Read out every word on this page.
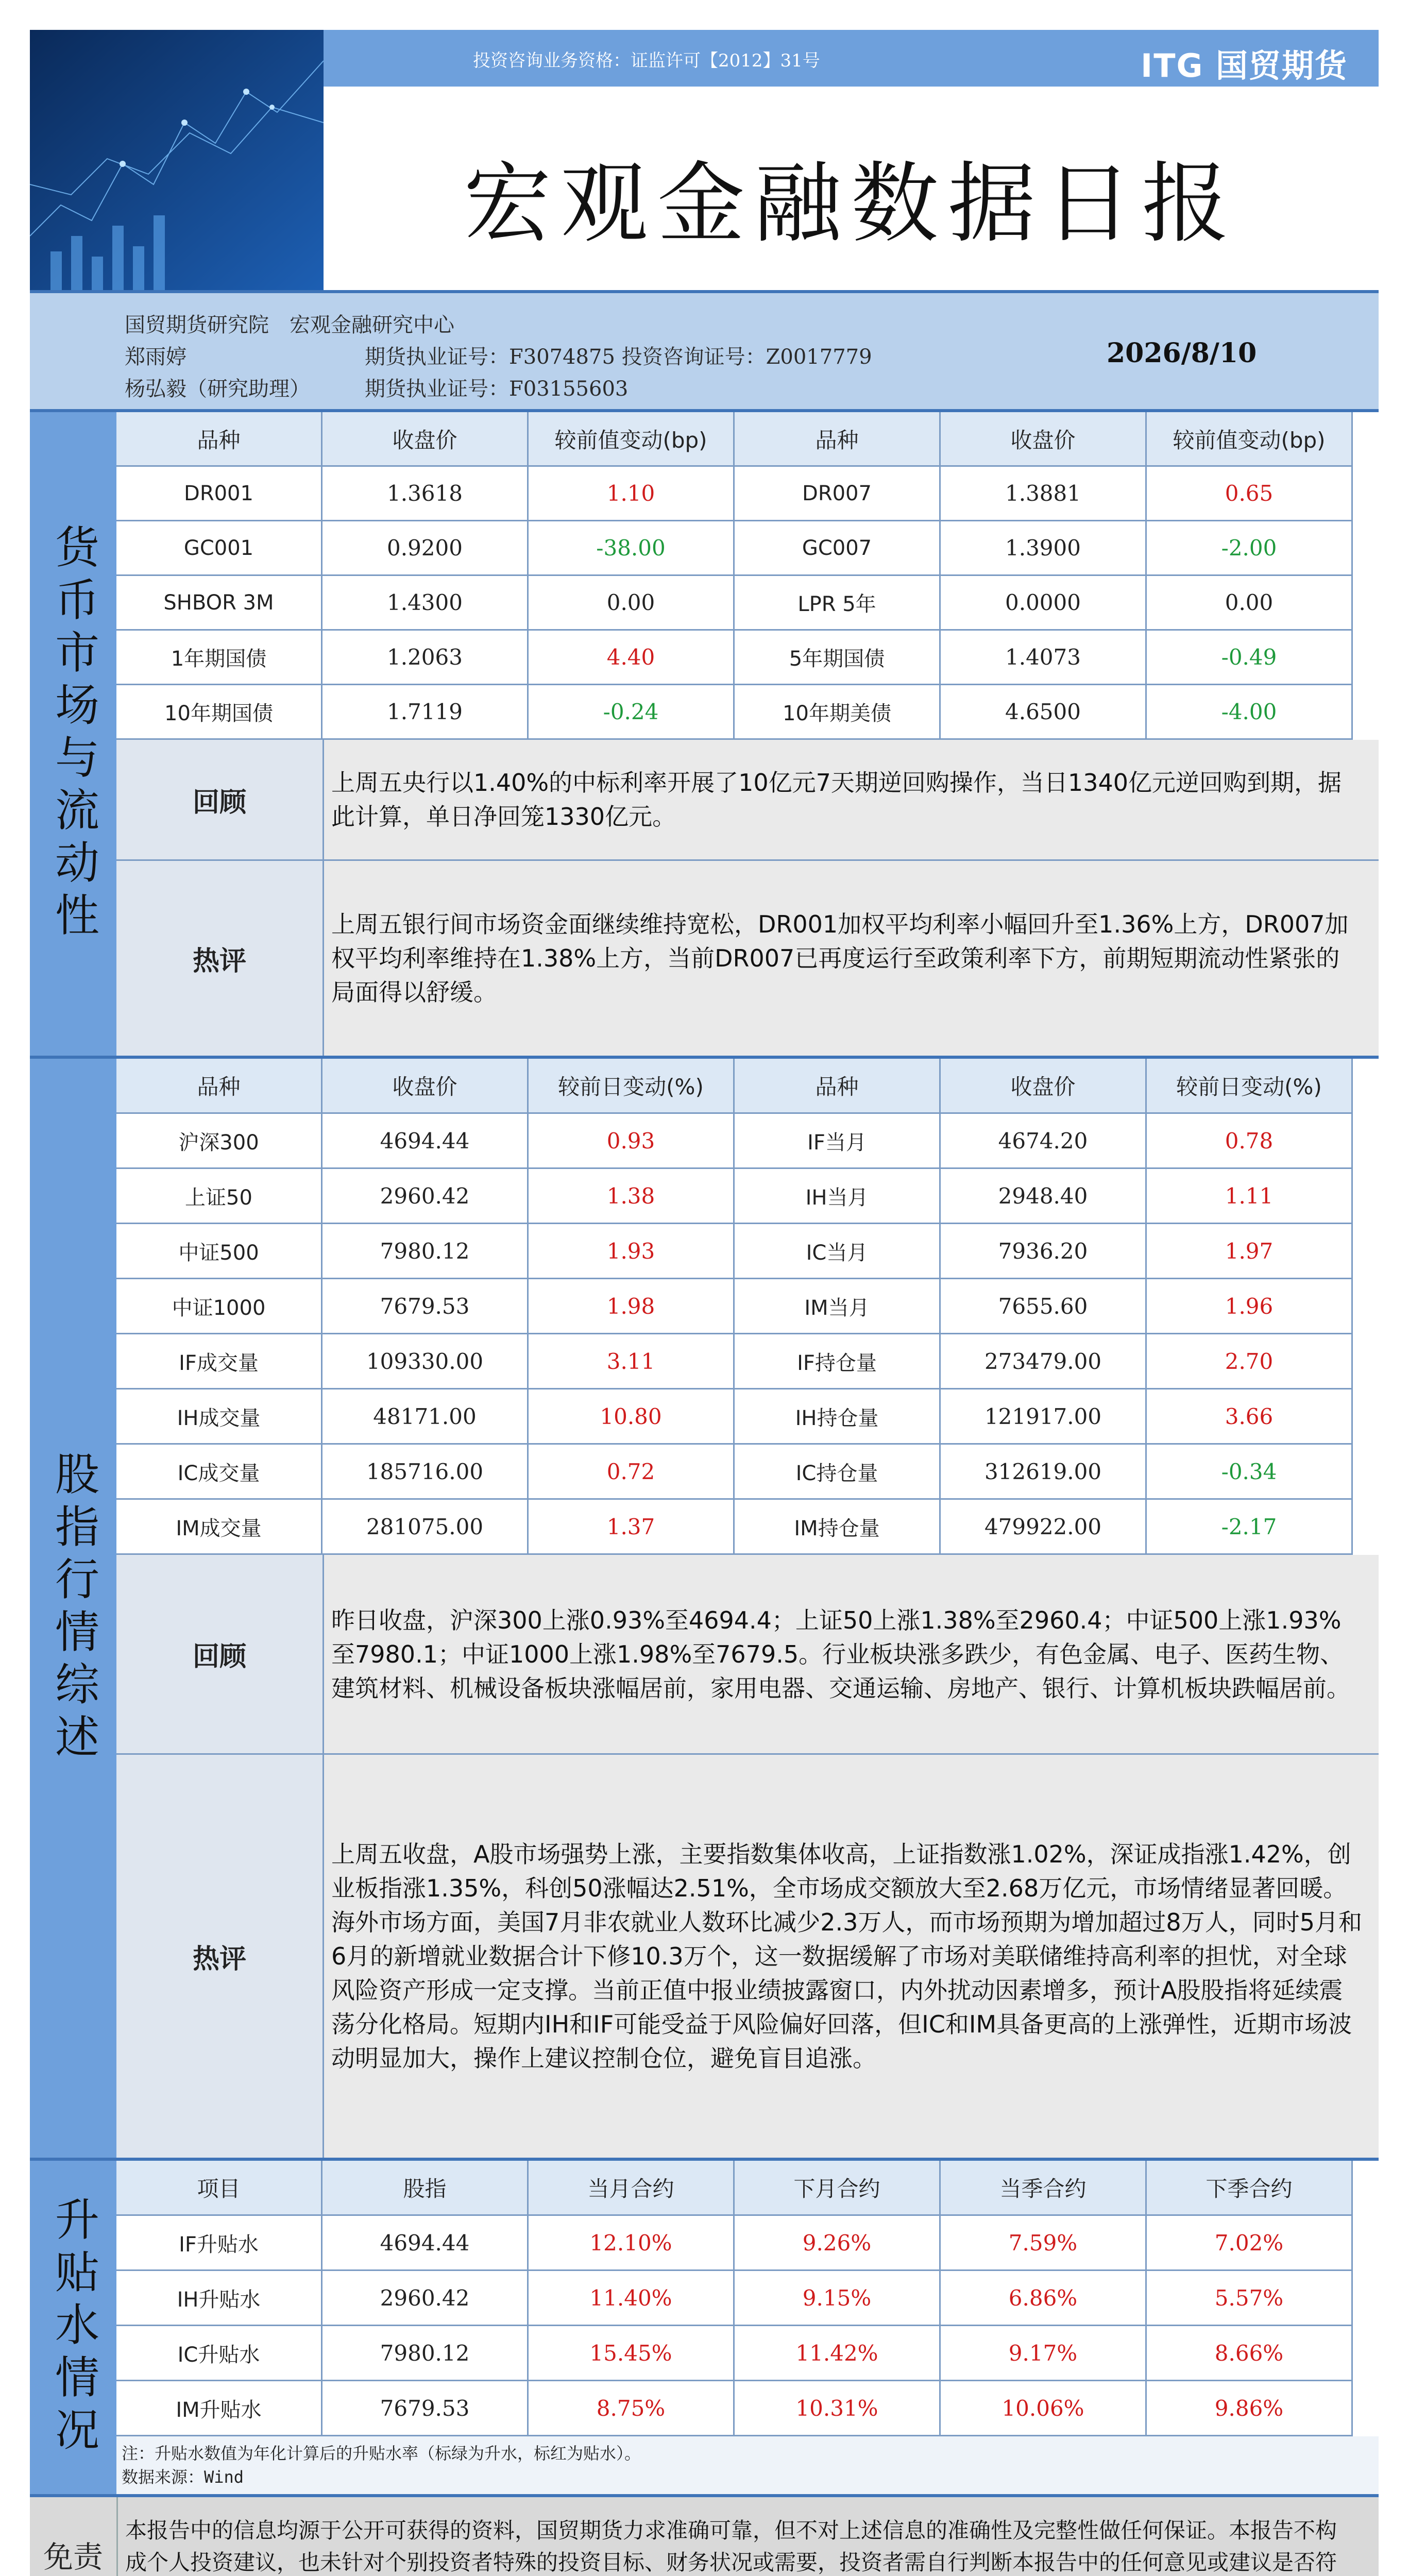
投资咨询业务资格：证监许可【2012】31号	ITG 国贸期货
宏观金融数据日报
国贸期货研究院　宏观金融研究中心
郑雨婷	期货执业证号：F3074875 投资咨询证号：Z0017779
杨弘毅（研究助理）	期货执业证号：F03155603
2026/8/10
货币市场与流动性
品种	收盘价	较前值变动(bp)	品种	收盘价	较前值变动(bp)
DR001	1.3618	1.10	DR007	1.3881	0.65
GC001	0.9200	-38.00	GC007	1.3900	-2.00
SHBOR 3M	1.4300	0.00	LPR 5年	0.0000	0.00
1年期国债	1.2063	4.40	5年期国债	1.4073	-0.49
10年期国债	1.7119	-0.24	10年期美债	4.6500	-4.00
回顾
上周五央行以1.40%的中标利率开展了10亿元7天期逆回购操作，当日1340亿元逆回购到期，据此计算，单日净回笼1330亿元。
热评
上周五银行间市场资金面继续维持宽松，DR001加权平均利率小幅回升至1.36%上方，DR007加权平均利率维持在1.38%上方，当前DR007已再度运行至政策利率下方，前期短期流动性紧张的局面得以舒缓。
股指行情综述
品种	收盘价	较前日变动(%)	品种	收盘价	较前日变动(%)
沪深300	4694.44	0.93	IF当月	4674.20	0.78
上证50	2960.42	1.38	IH当月	2948.40	1.11
中证500	7980.12	1.93	IC当月	7936.20	1.97
中证1000	7679.53	1.98	IM当月	7655.60	1.96
IF成交量	109330.00	3.11	IF持仓量	273479.00	2.70
IH成交量	48171.00	10.80	IH持仓量	121917.00	3.66
IC成交量	185716.00	0.72	IC持仓量	312619.00	-0.34
IM成交量	281075.00	1.37	IM持仓量	479922.00	-2.17
回顾
昨日收盘，沪深300上涨0.93%至4694.4；上证50上涨1.38%至2960.4；中证500上涨1.93%至7980.1；中证1000上涨1.98%至7679.5。行业板块涨多跌少，有色金属、电子、医药生物、建筑材料、机械设备板块涨幅居前，家用电器、交通运输、房地产、银行、计算机板块跌幅居前。
热评
上周五收盘，A股市场强势上涨，主要指数集体收高，上证指数涨1.02%，深证成指涨1.42%，创业板指涨1.35%，科创50涨幅达2.51%，全市场成交额放大至2.68万亿元，市场情绪显著回暖。海外市场方面，美国7月非农就业人数环比减少2.3万人，而市场预期为增加超过8万人，同时5月和6月的新增就业数据合计下修10.3万个，这一数据缓解了市场对美联储维持高利率的担忧，对全球风险资产形成一定支撑。当前正值中报业绩披露窗口，内外扰动因素增多，预计A股股指将延续震荡分化格局。短期内IH和IF可能受益于风险偏好回落，但IC和IM具备更高的上涨弹性，近期市场波动明显加大，操作上建议控制仓位，避免盲目追涨。
升贴水情况
项目	股指	当月合约	下月合约	当季合约	下季合约
IF升贴水	4694.44	12.10%	9.26%	7.59%	7.02%
IH升贴水	2960.42	11.40%	9.15%	6.86%	5.57%
IC升贴水	7980.12	15.45%	11.42%	9.17%	8.66%
IM升贴水	7679.53	8.75%	10.31%	10.06%	9.86%
注：升贴水数值为年化计算后的升贴水率（标绿为升水，标红为贴水）。
数据来源：Wind
免责
本报告中的信息均源于公开可获得的资料，国贸期货力求准确可靠，但不对上述信息的准确性及完整性做任何保证。本报告不构成个人投资建议，也未针对个别投资者特殊的投资目标、财务状况或需要，投资者需自行判断本报告中的任何意见或建议是否符
